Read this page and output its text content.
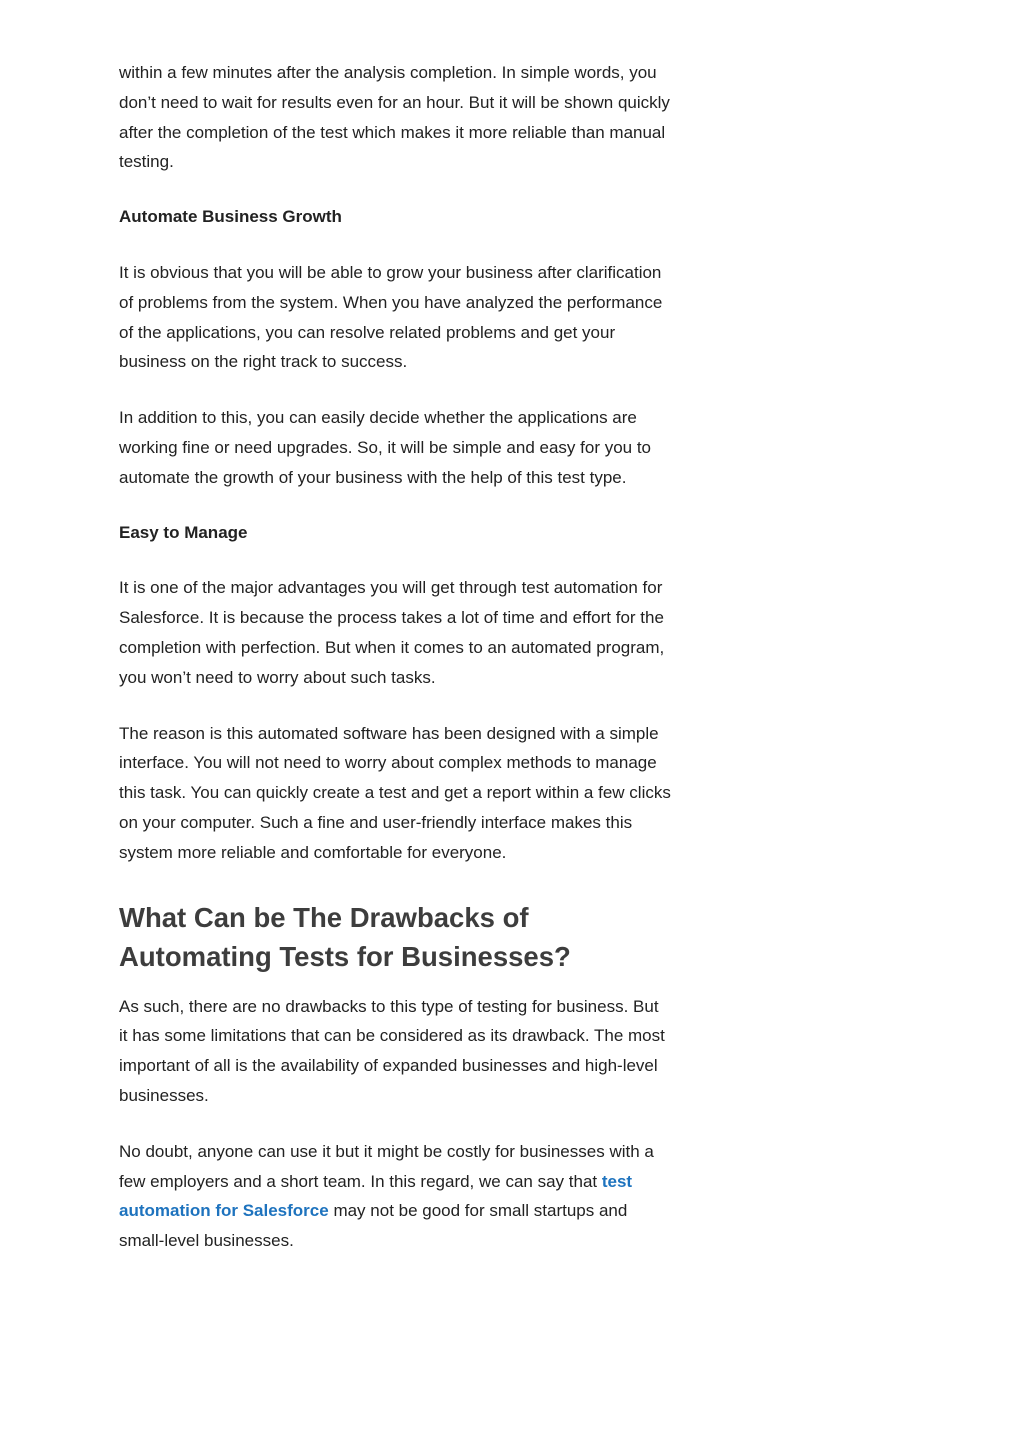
within a few minutes after the analysis completion. In simple words, you don’t need to wait for results even for an hour. But it will be shown quickly after the completion of the test which makes it more reliable than manual testing.

Automate Business Growth

It is obvious that you will be able to grow your business after clarification of problems from the system. When you have analyzed the performance of the applications, you can resolve related problems and get your business on the right track to success.

In addition to this, you can easily decide whether the applications are working fine or need upgrades. So, it will be simple and easy for you to automate the growth of your business with the help of this test type.

Easy to Manage

It is one of the major advantages you will get through test automation for Salesforce. It is because the process takes a lot of time and effort for the completion with perfection. But when it comes to an automated program, you won’t need to worry about such tasks.

The reason is this automated software has been designed with a simple interface. You will not need to worry about complex methods to manage this task. You can quickly create a test and get a report within a few clicks on your computer. Such a fine and user-friendly interface makes this system more reliable and comfortable for everyone.

What Can be The Drawbacks of Automating Tests for Businesses?

As such, there are no drawbacks to this type of testing for business. But it has some limitations that can be considered as its drawback. The most important of all is the availability of expanded businesses and high-level businesses.

No doubt, anyone can use it but it might be costly for businesses with a few employers and a short team. In this regard, we can say that test automation for Salesforce may not be good for small startups and small-level businesses.
